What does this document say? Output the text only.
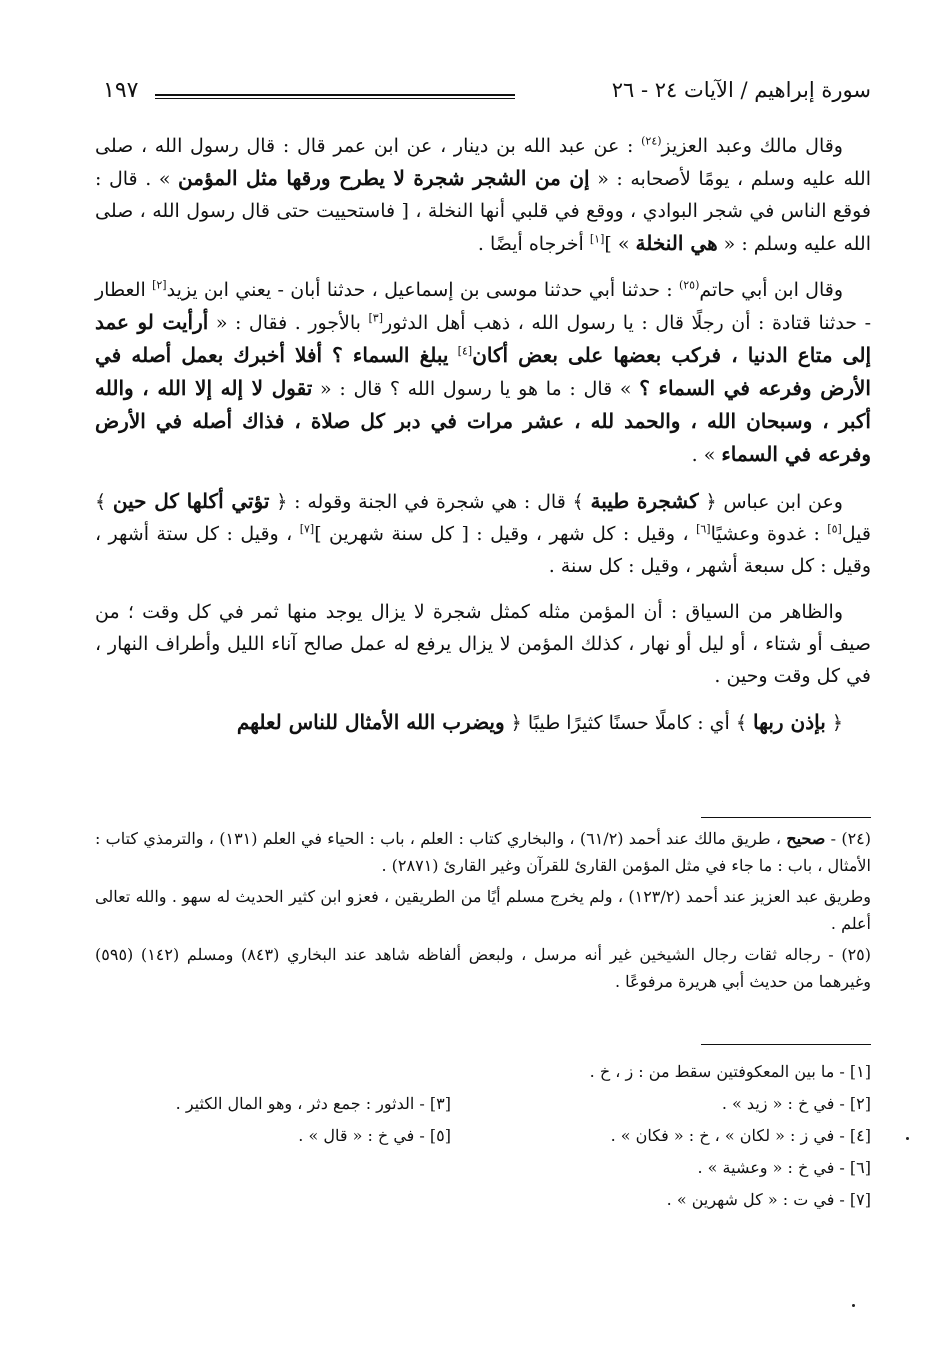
سورة إبراهيم / الآيات ٢٤ - ٢٦
١٩٧

وقال مالك وعبد العزيز$^{(٢٤)}$ : عن عبد الله بن دينار ، عن ابن عمر قال : قال رسول الله ، صلى الله عليه وسلم ، يومًا لأصحابه : « إن من الشجر شجرة لا يطرح ورقها مثل المؤمن » . قال : فوقع الناس في شجر البوادي ، ووقع في قلبي أنها النخلة ، [ فاستحييت حتى قال رسول الله ، صلى الله عليه وسلم : « هي النخلة » ][١] أخرجاه أيضًا .

وقال ابن أبي حاتم$^{(٢٥)}$ : حدثنا أبي حدثنا موسى بن إسماعيل ، حدثنا أبان - يعني ابن يزيد[٢] العطار - حدثنا قتادة : أن رجلًا قال : يا رسول الله ، ذهب أهل الدثور[٣] بالأجور . فقال : « أرأيت لو عمد إلى متاع الدنيا ، فركب بعضها على بعض أكان[٤] يبلغ السماء ؟ أفلا أخبرك بعمل أصله في الأرض وفرعه في السماء ؟ » قال : ما هو يا رسول الله ؟ قال : « تقول لا إله إلا الله ، والله أكبر ، وسبحان الله ، والحمد لله ، عشر مرات في دبر كل صلاة ، فذاك أصله في الأرض وفرعه في السماء » .

وعن ابن عباس ﴿ كشجرة طيبة ﴾ قال : هي شجرة في الجنة وقوله : ﴿ تؤتي أكلها كل حين ﴾ قيل[٥] : غدوة وعشيًا[٦] ، وقيل : كل شهر ، وقيل : [ كل سنة شهرين ][٧] ، وقيل : كل ستة أشهر ، وقيل : كل سبعة أشهر ، وقيل : كل سنة .

والظاهر من السياق : أن المؤمن مثله كمثل شجرة لا يزال يوجد منها ثمر في كل وقت ؛ من صيف أو شتاء ، أو ليل أو نهار ، كذلك المؤمن لا يزال يرفع له عمل صالح آناء الليل وأطراف النهار ، في كل وقت وحين .

﴿ بإذن ربها ﴾ أي : كاملًا حسنًا كثيرًا طيبًا ﴿ ويضرب الله الأمثال للناس لعلهم

(٢٤) - صحيح ، طريق مالك عند أحمد (٦١/٢) ، والبخاري كتاب : العلم ، باب : الحياء في العلم (١٣١) ، والترمذي كتاب : الأمثال ، باب : ما جاء في مثل المؤمن القارئ للقرآن وغير القارئ (٢٨٧١) .

وطريق عبد العزيز عند أحمد (١٢٣/٢) ، ولم يخرج مسلم أيًا من الطريقين ، فعزو ابن كثير الحديث له سهو . والله تعالى أعلم .

(٢٥) - رجاله ثقات رجال الشيخين غير أنه مرسل ، ولبعض ألفاظه شاهد عند البخاري (٨٤٣) ومسلم (١٤٢) (٥٩٥) وغيرهما من حديث أبي هريرة مرفوعًا .

[١] - ما بين المعكوفتين سقط من : ز ، خ .
[٢] - في خ : « زيد » .
[٣] - الدثور : جمع دثر ، وهو المال الكثير .
[٤] - في ز : « لكان » ، خ : « فكان » .
[٥] - في خ : « قال » .
[٦] - في خ : « وعشية » .
[٧] - في ت : « كل شهرين » .
